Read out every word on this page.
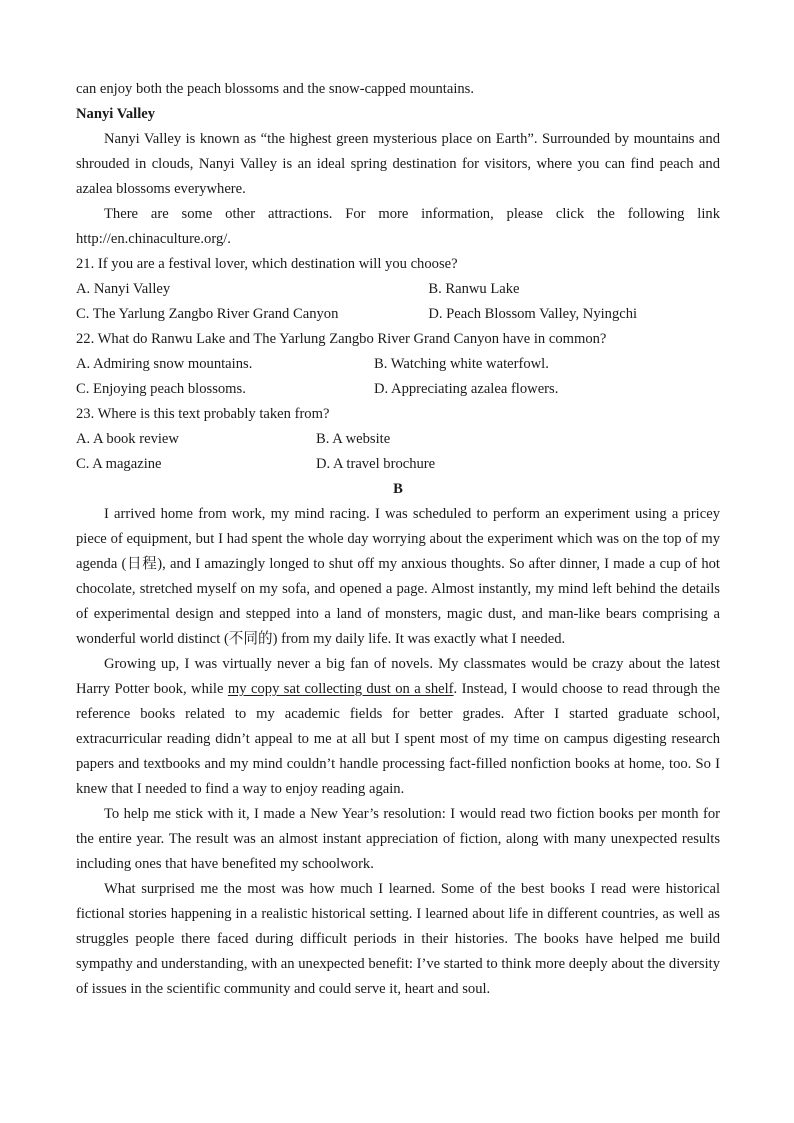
can enjoy both the peach blossoms and the snow-capped mountains.

Nanyi Valley

Nanyi Valley is known as “the highest green mysterious place on Earth”. Surrounded by mountains and shrouded in clouds, Nanyi Valley is an ideal spring destination for visitors, where you can find peach and azalea blossoms everywhere.

There are some other attractions. For more information, please click the following link http://en.chinaculture.org/.

21. If you are a festival lover, which destination will you choose?

A. Nanyi Valley	B. Ranwu Lake
C. The Yarlung Zangbo River Grand Canyon	D. Peach Blossom Valley, Nyingchi

22. What do Ranwu Lake and The Yarlung Zangbo River Grand Canyon have in common?

A. Admiring snow mountains.	B. Watching white waterfowl.
C. Enjoying peach blossoms.	D. Appreciating azalea flowers.

23. Where is this text probably taken from?

A. A book review	B. A website
C. A magazine	D. A travel brochure

B

I arrived home from work, my mind racing. I was scheduled to perform an experiment using a pricey piece of equipment, but I had spent the whole day worrying about the experiment which was on the top of my agenda (日程), and I amazingly longed to shut off my anxious thoughts. So after dinner, I made a cup of hot chocolate, stretched myself on my sofa, and opened a page. Almost instantly, my mind left behind the details of experimental design and stepped into a land of monsters, magic dust, and man-like bears comprising a wonderful world distinct (不同的) from my daily life. It was exactly what I needed.

Growing up, I was virtually never a big fan of novels. My classmates would be crazy about the latest Harry Potter book, while my copy sat collecting dust on a shelf. Instead, I would choose to read through the reference books related to my academic fields for better grades. After I started graduate school, extracurricular reading didn’t appeal to me at all but I spent most of my time on campus digesting research papers and textbooks and my mind couldn’t handle processing fact-filled nonfiction books at home, too. So I knew that I needed to find a way to enjoy reading again.

To help me stick with it, I made a New Year’s resolution: I would read two fiction books per month for the entire year. The result was an almost instant appreciation of fiction, along with many unexpected results including ones that have benefited my schoolwork.

What surprised me the most was how much I learned. Some of the best books I read were historical fictional stories happening in a realistic historical setting. I learned about life in different countries, as well as struggles people there faced during difficult periods in their histories. The books have helped me build sympathy and understanding, with an unexpected benefit: I’ve started to think more deeply about the diversity of issues in the scientific community and could serve it, heart and soul.
